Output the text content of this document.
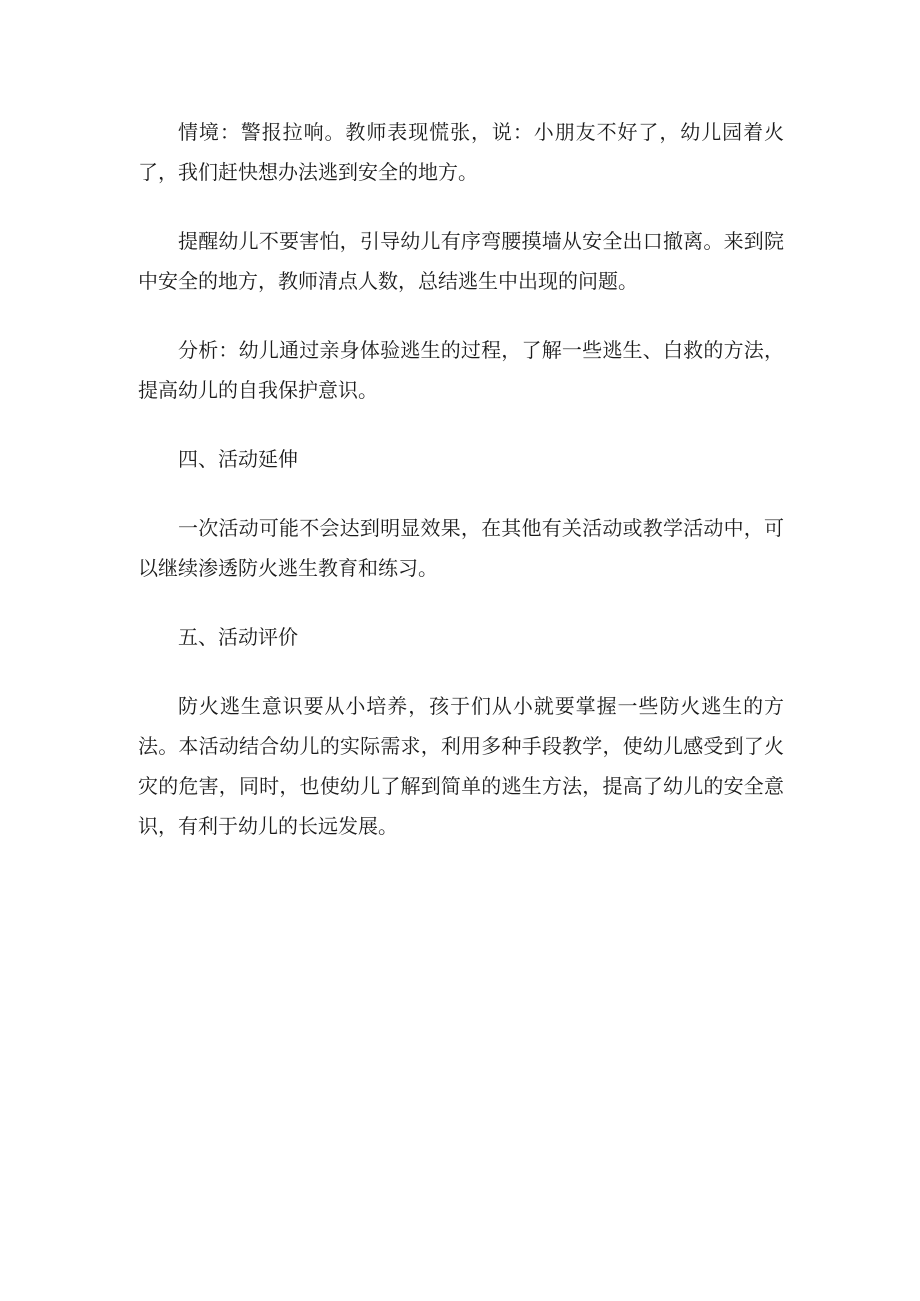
情境：警报拉响。教师表现慌张，说：小朋友不好了，幼儿园着火了，我们赶快想办法逃到安全的地方。

提醒幼儿不要害怕，引导幼儿有序弯腰摸墙从安全出口撤离。来到院中安全的地方，教师清点人数，总结逃生中出现的问题。

分析：幼儿通过亲身体验逃生的过程，了解一些逃生、白救的方法，提高幼儿的自我保护意识。

四、活动延伸

一次活动可能不会达到明显效果，在其他有关活动或教学活动中，可以继续渗透防火逃生教育和练习。

五、活动评价

防火逃生意识要从小培养，孩于们从小就要掌握一些防火逃生的方法。本活动结合幼儿的实际需求，利用多种手段教学，使幼儿感受到了火灾的危害，同时，也使幼儿了解到简单的逃生方法，提高了幼儿的安全意识，有利于幼儿的长远发展。
